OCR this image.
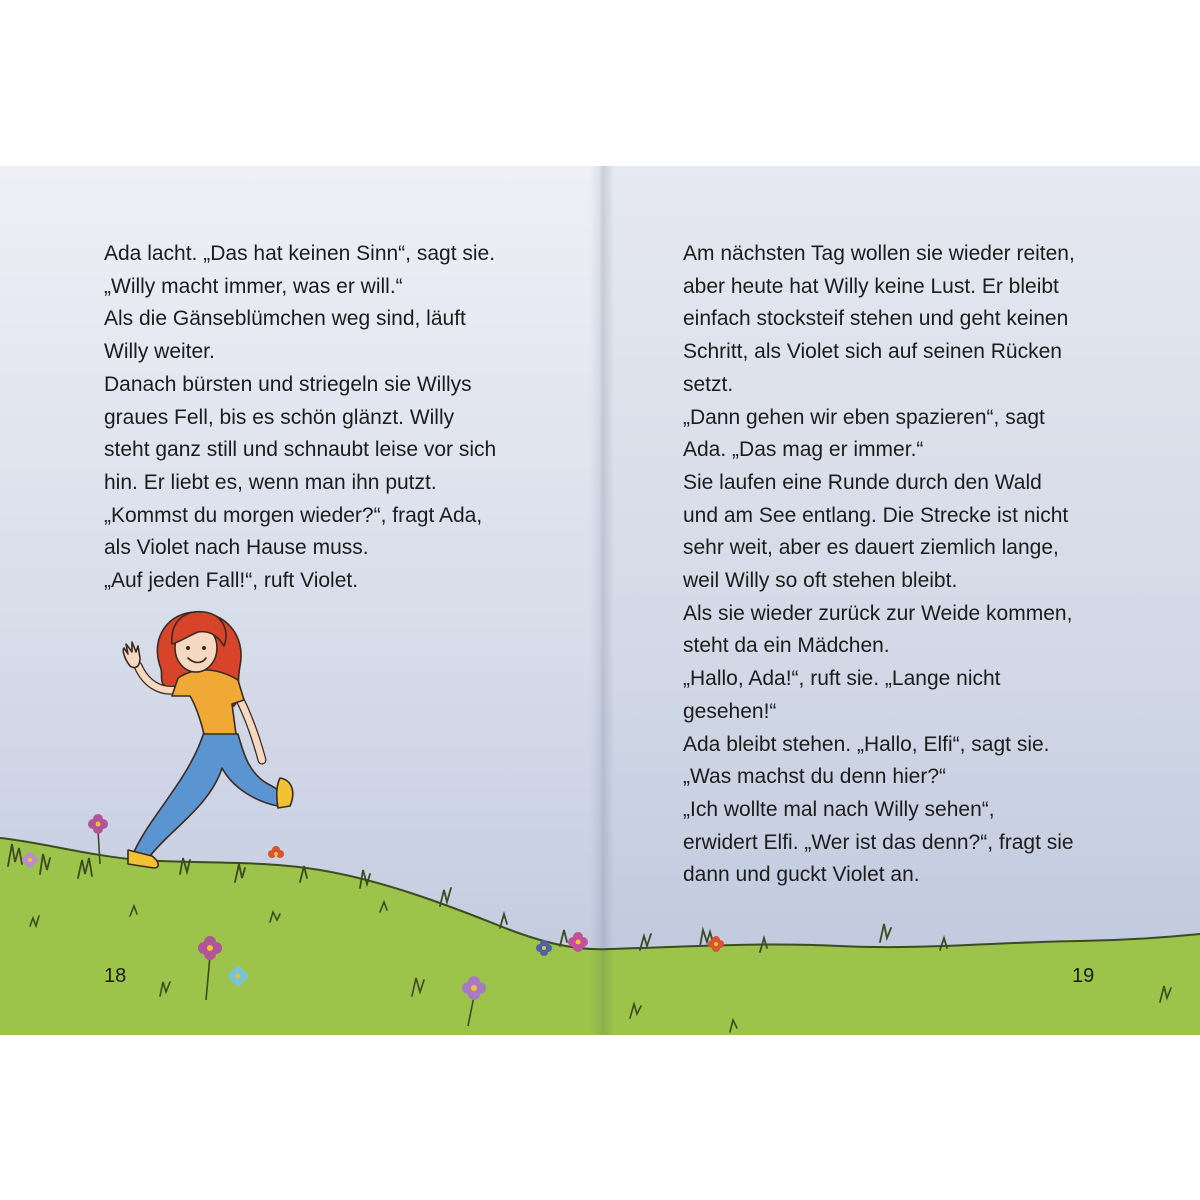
Ada lacht. „Das hat keinen Sinn“, sagt sie.

„Willy macht immer, was er will.“

Als die Gänseblümchen weg sind, läuft

Willy weiter.

Danach bürsten und striegeln sie Willys

graues Fell, bis es schön glänzt. Willy

steht ganz still und schnaubt leise vor sich

hin. Er liebt es, wenn man ihn putzt.

„Kommst du morgen wieder?“, fragt Ada,

als Violet nach Hause muss.

„Auf jeden Fall!“, ruft Violet.

Am nächsten Tag wollen sie wieder reiten,

aber heute hat Willy keine Lust. Er bleibt

einfach stocksteif stehen und geht keinen

Schritt, als Violet sich auf seinen Rücken

setzt.

„Dann gehen wir eben spazieren“, sagt

Ada. „Das mag er immer.“

Sie laufen eine Runde durch den Wald

und am See entlang. Die Strecke ist nicht

sehr weit, aber es dauert ziemlich lange,

weil Willy so oft stehen bleibt.

Als sie wieder zurück zur Weide kommen,

steht da ein Mädchen.

„Hallo, Ada!“, ruft sie. „Lange nicht

gesehen!“

Ada bleibt stehen. „Hallo, Elfi“, sagt sie.

„Was machst du denn hier?“

„Ich wollte mal nach Willy sehen“,

erwidert Elfi. „Wer ist das denn?“, fragt sie

dann und guckt Violet an.

18	19
